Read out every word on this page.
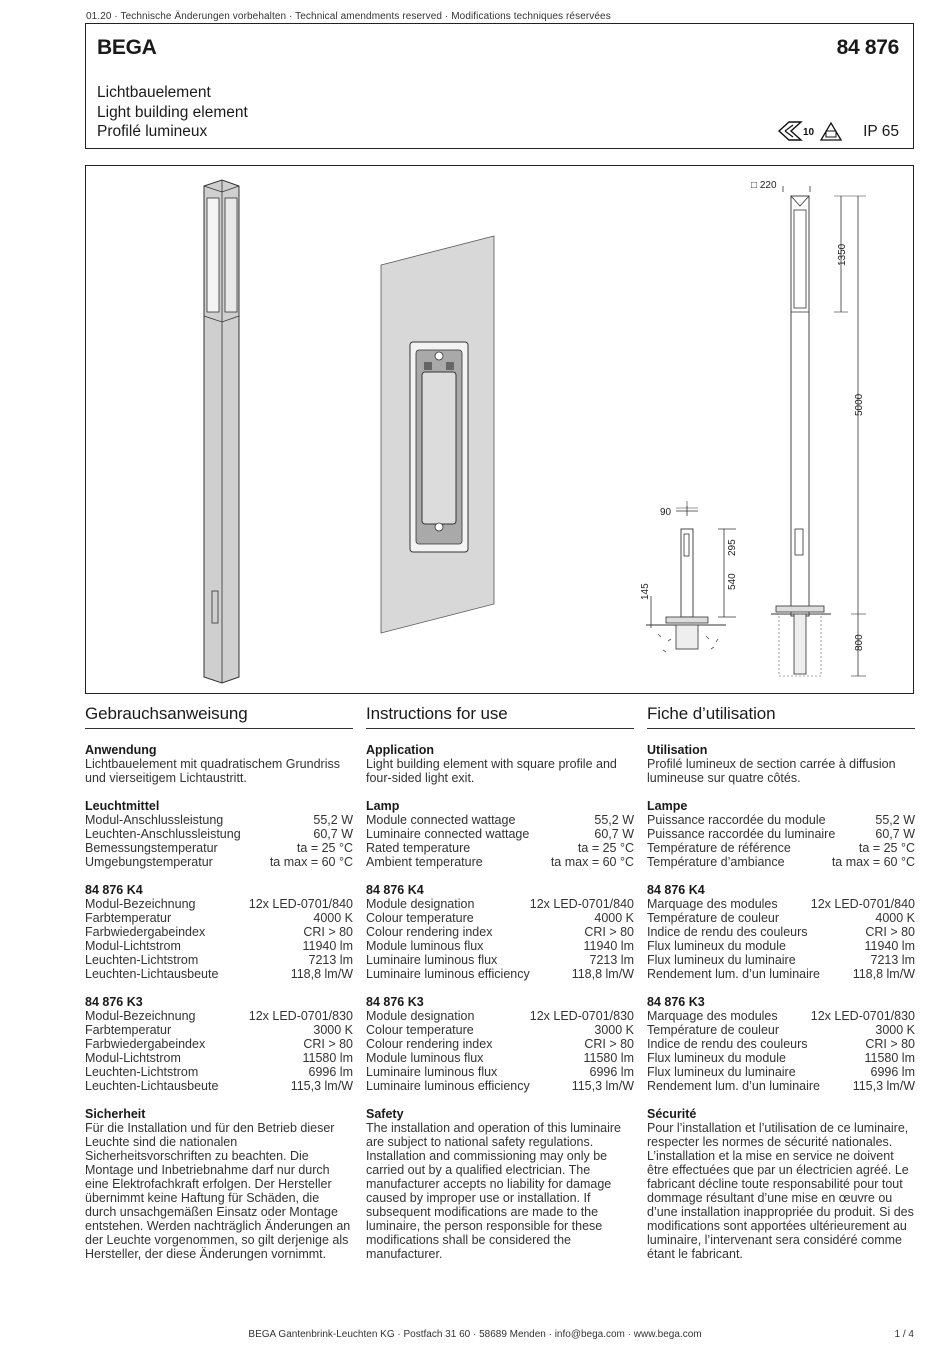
01.20 · Technische Änderungen vorbehalten · Technical amendments reserved · Modifications techniques réservées
BEGA	84 876
Lichtbauelement
Light building element
Profilé lumineux	10	IP 65
□ 220
1350
5000
800
90
295
540
145
Gebrauchsanweisung
Anwendung
Lichtbauelement mit quadratischem Grundriss und vierseitigem Lichtaustritt.
Leuchtmittel
Modul-Anschlussleistung	55,2 W
Leuchten-Anschlussleistung	60,7 W
Bemessungstemperatur	ta = 25 °C
Umgebungstemperatur	ta max = 60 °C
84 876 K4
Modul-Bezeichnung	12x LED-0701/840
Farbtemperatur	4000 K
Farbwiedergabeindex	CRI > 80
Modul-Lichtstrom	11940 lm
Leuchten-Lichtstrom	7213 lm
Leuchten-Lichtausbeute	118,8 lm/W
84 876 K3
Modul-Bezeichnung	12x LED-0701/830
Farbtemperatur	3000 K
Farbwiedergabeindex	CRI > 80
Modul-Lichtstrom	11580 lm
Leuchten-Lichtstrom	6996 lm
Leuchten-Lichtausbeute	115,3 lm/W
Sicherheit
Für die Installation und für den Betrieb dieser Leuchte sind die nationalen Sicherheitsvorschriften zu beachten. Die Montage und Inbetriebnahme darf nur durch eine Elektrofachkraft erfolgen. Der Hersteller übernimmt keine Haftung für Schäden, die durch unsachgemäßen Einsatz oder Montage entstehen. Werden nachträglich Änderungen an der Leuchte vorgenommen, so gilt derjenige als Hersteller, der diese Änderungen vornimmt.
Instructions for use
Application
Light building element with square profile and four-sided light exit.
Lamp
Module connected wattage	55,2 W
Luminaire connected wattage	60,7 W
Rated temperature	ta = 25 °C
Ambient temperature	ta max = 60 °C
84 876 K4
Module designation	12x LED-0701/840
Colour temperature	4000 K
Colour rendering index	CRI > 80
Module luminous flux	11940 lm
Luminaire luminous flux	7213 lm
Luminaire luminous efficiency	118,8 lm/W
84 876 K3
Module designation	12x LED-0701/830
Colour temperature	3000 K
Colour rendering index	CRI > 80
Module luminous flux	11580 lm
Luminaire luminous flux	6996 lm
Luminaire luminous efficiency	115,3 lm/W
Safety
The installation and operation of this luminaire are subject to national safety regulations. Installation and commissioning may only be carried out by a qualified electrician. The manufacturer accepts no liability for damage caused by improper use or installation. If subsequent modifications are made to the luminaire, the person responsible for these modifications shall be considered the manufacturer.
Fiche d’utilisation
Utilisation
Profilé lumineux de section carrée à diffusion lumineuse sur quatre côtés.
Lampe
Puissance raccordée du module	55,2 W
Puissance raccordée du luminaire	60,7 W
Température de référence	ta = 25 °C
Température d’ambiance	ta max = 60 °C
84 876 K4
Marquage des modules	12x LED-0701/840
Température de couleur	4000 K
Indice de rendu des couleurs	CRI > 80
Flux lumineux du module	11940 lm
Flux lumineux du luminaire	7213 lm
Rendement lum. d’un luminaire	118,8 lm/W
84 876 K3
Marquage des modules	12x LED-0701/830
Température de couleur	3000 K
Indice de rendu des couleurs	CRI > 80
Flux lumineux du module	11580 lm
Flux lumineux du luminaire	6996 lm
Rendement lum. d’un luminaire	115,3 lm/W
Sécurité
Pour l’installation et l’utilisation de ce luminaire, respecter les normes de sécurité nationales. L’installation et la mise en service ne doivent être effectuées que par un électricien agréé. Le fabricant décline toute responsabilité pour tout dommage résultant d’une mise en œuvre ou d’une installation inappropriée du produit. Si des modifications sont apportées ultérieurement au luminaire, l’intervenant sera considéré comme étant le fabricant.
BEGA Gantenbrink-Leuchten KG · Postfach 31 60 · 58689 Menden · info@bega.com · www.bega.com	1 / 4
